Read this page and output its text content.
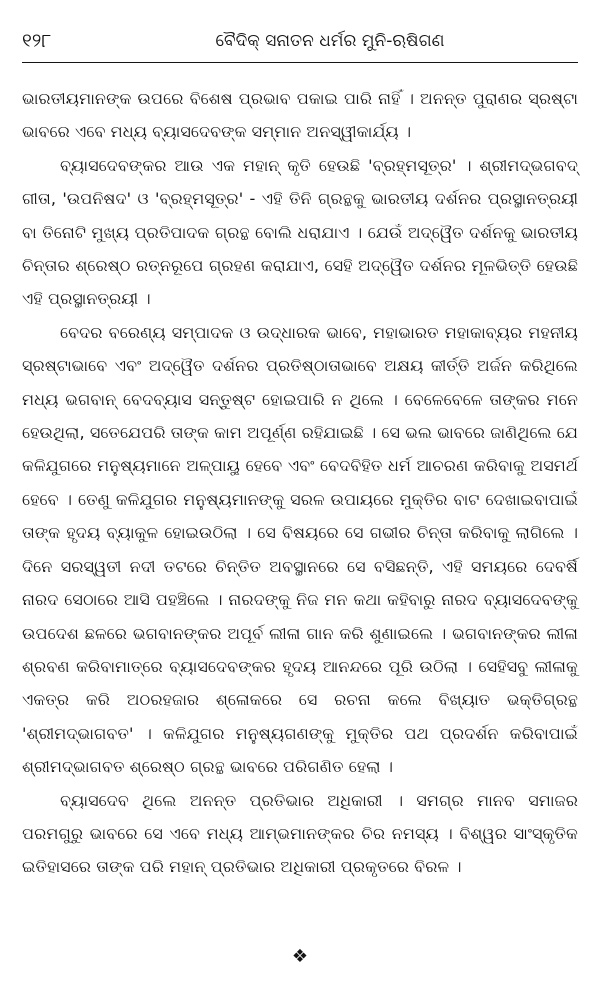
୧୨୮	ବୈଦିକ୍ ସନାତନ ଧର୍ମର ମୁନି-ଋଷିଗଣ

ଭାରତୀୟମାନଙ୍କ ଉପରେ ବିଶେଷ ପ୍ରଭାବ ପକାଇ ପାରି ନାହିଁ । ଅନନ୍ତ ପୁରାଣର ସ୍ରଷ୍ଟା ଭାବରେ ଏବେ ମଧ୍ୟ ବ୍ୟାସଦେବଙ୍କ ସମ୍ମାନ ଅନସ୍ୱୀକାର୍ଯ୍ୟ ।

ବ୍ୟାସଦେବଙ୍କର ଆଉ ଏକ ମହାନ୍ କୃତି ହେଉଛି 'ବ୍ରହ୍ମସୂତ୍ର' । ଶ୍ରୀମଦ୍‌ଭଗବଦ୍‌ ଗୀତା, 'ଉପନିଷଦ' ଓ 'ବ୍ରହ୍ମସୂତ୍ର' - ଏହି ତିନି ଗ୍ରନ୍ଥକୁ ଭାରତୀୟ ଦର୍ଶନର ପ୍ରସ୍ଥାନତ୍ରୟୀ ବା ତିନୋଟି ମୁଖ୍ୟ ପ୍ରତିପାଦକ ଗ୍ରନ୍ଥ ବୋଲି ଧରାଯାଏ । ଯେଉଁ ଅଦ୍ୱୈତ ଦର୍ଶନକୁ ଭାରତୀୟ ଚିନ୍ତାର ଶ୍ରେଷ୍ଠ ରତ୍ନରୂପେ ଗ୍ରହଣ କରାଯାଏ, ସେହି ଅଦ୍ୱୈତ ଦର୍ଶନର ମୂଳଭିତ୍ତି ହେଉଛି ଏହି ପ୍ରସ୍ଥାନତ୍ରୟୀ ।

ବେଦର ବରେଣ୍ୟ ସମ୍ପାଦକ ଓ ଉଦ୍ଧାରକ ଭାବେ, ମହାଭାରତ ମହାକାବ୍ୟର ମହନୀୟ ସ୍ରଷ୍ଟାଭାବେ ଏବଂ ଅଦ୍ୱୈତ ଦର୍ଶନର ପ୍ରତିଷ୍ଠାତାଭାବେ ଅକ୍ଷୟ କୀର୍ତ୍ତି ଅର୍ଜନ କରିଥିଲେ ମଧ୍ୟ ଭଗବାନ୍ ବେଦବ୍ୟାସ ସନ୍ତୁଷ୍ଟ ହୋଇପାରି ନ ଥିଲେ । ବେଳେବେଳେ ତାଙ୍କର ମନେ ହେଉଥିଲା, ସତେଯେପରି ତାଙ୍କ କାମ ଅପୂର୍ଣ୍ଣ ରହିଯାଇଛି । ସେ ଭଲ ଭାବରେ ଜାଣିଥିଲେ ଯେ କଳିଯୁଗରେ ମନୁଷ୍ୟମାନେ ଅଳ୍ପାୟୁ ହେବେ ଏବଂ ବେଦବିହିତ ଧର୍ମ ଆଚରଣ କରିବାକୁ ଅସମର୍ଥ ହେବେ । ତେଣୁ କଳିଯୁଗର ମନୁଷ୍ୟମାନଙ୍କୁ ସରଳ ଉପାୟରେ ମୁକ୍ତିର ବାଟ ଦେଖାଇବାପାଇଁ ତାଙ୍କ ହୃଦୟ ବ୍ୟାକୁଳ ହୋଇଉଠିଲା । ସେ ବିଷୟରେ ସେ ଗଭୀର ଚିନ୍ତା କରିବାକୁ ଲାଗିଲେ । ଦିନେ ସରସ୍ୱତୀ ନଦୀ ତଟରେ ଚିନ୍ତିତ ଅବସ୍ଥାନରେ ସେ ବସିଛନ୍ତି, ଏହି ସମୟରେ ଦେବର୍ଷି ନାରଦ ସେଠାରେ ଆସି ପହଞ୍ଚିଲେ । ନାରଦଙ୍କୁ ନିଜ ମନ କଥା କହିବାରୁ ନାରଦ ବ୍ୟାସଦେବଙ୍କୁ ଉପଦେଶ ଛଳରେ ଭଗବାନଙ୍କର ଅପୂର୍ବ ଲୀଳା ଗାନ କରି ଶୁଣାଇଲେ । ଭଗବାନଙ୍କର ଲୀଳା ଶ୍ରବଣ କରିବାମାତ୍ରେ ବ୍ୟାସଦେବଙ୍କର ହୃଦୟ ଆନନ୍ଦରେ ପୂରି ଉଠିଲା । ସେହିସବୁ ଲୀଳାକୁ ଏକତ୍ର କରି ଅଠରହଜାର ଶ୍ଳୋକରେ ସେ ରଚନା କଲେ ବିଖ୍ୟାତ ଭକ୍ତିଗ୍ରନ୍ଥ 'ଶ୍ରୀମଦ୍‌ଭାଗବତ' । କଳିଯୁଗର ମନୁଷ୍ୟଗଣଙ୍କୁ ମୁକ୍ତିର ପଥ ପ୍ରଦର୍ଶନ କରିବାପାଇଁ ଶ୍ରୀମଦ୍‌ଭାଗବତ ଶ୍ରେଷ୍ଠ ଗ୍ରନ୍ଥ ଭାବରେ ପରିଗଣିତ ହେଲା ।

ବ୍ୟାସଦେବ ଥିଲେ ଅନନ୍ତ ପ୍ରତିଭାର ଅଧିକାରୀ । ସମଗ୍ର ମାନବ ସମାଜର ପରମଗୁରୁ ଭାବରେ ସେ ଏବେ ମଧ୍ୟ ଆମ୍ଭମାନଙ୍କର ଚିର ନମସ୍ୟ । ବିଶ୍ୱର ସାଂସ୍କୃତିକ ଇତିହାସରେ ତାଙ୍କ ପରି ମହାନ୍ ପ୍ରତିଭାର ଅଧିକାରୀ ପ୍ରକୃତରେ ବିରଳ ।

❖
